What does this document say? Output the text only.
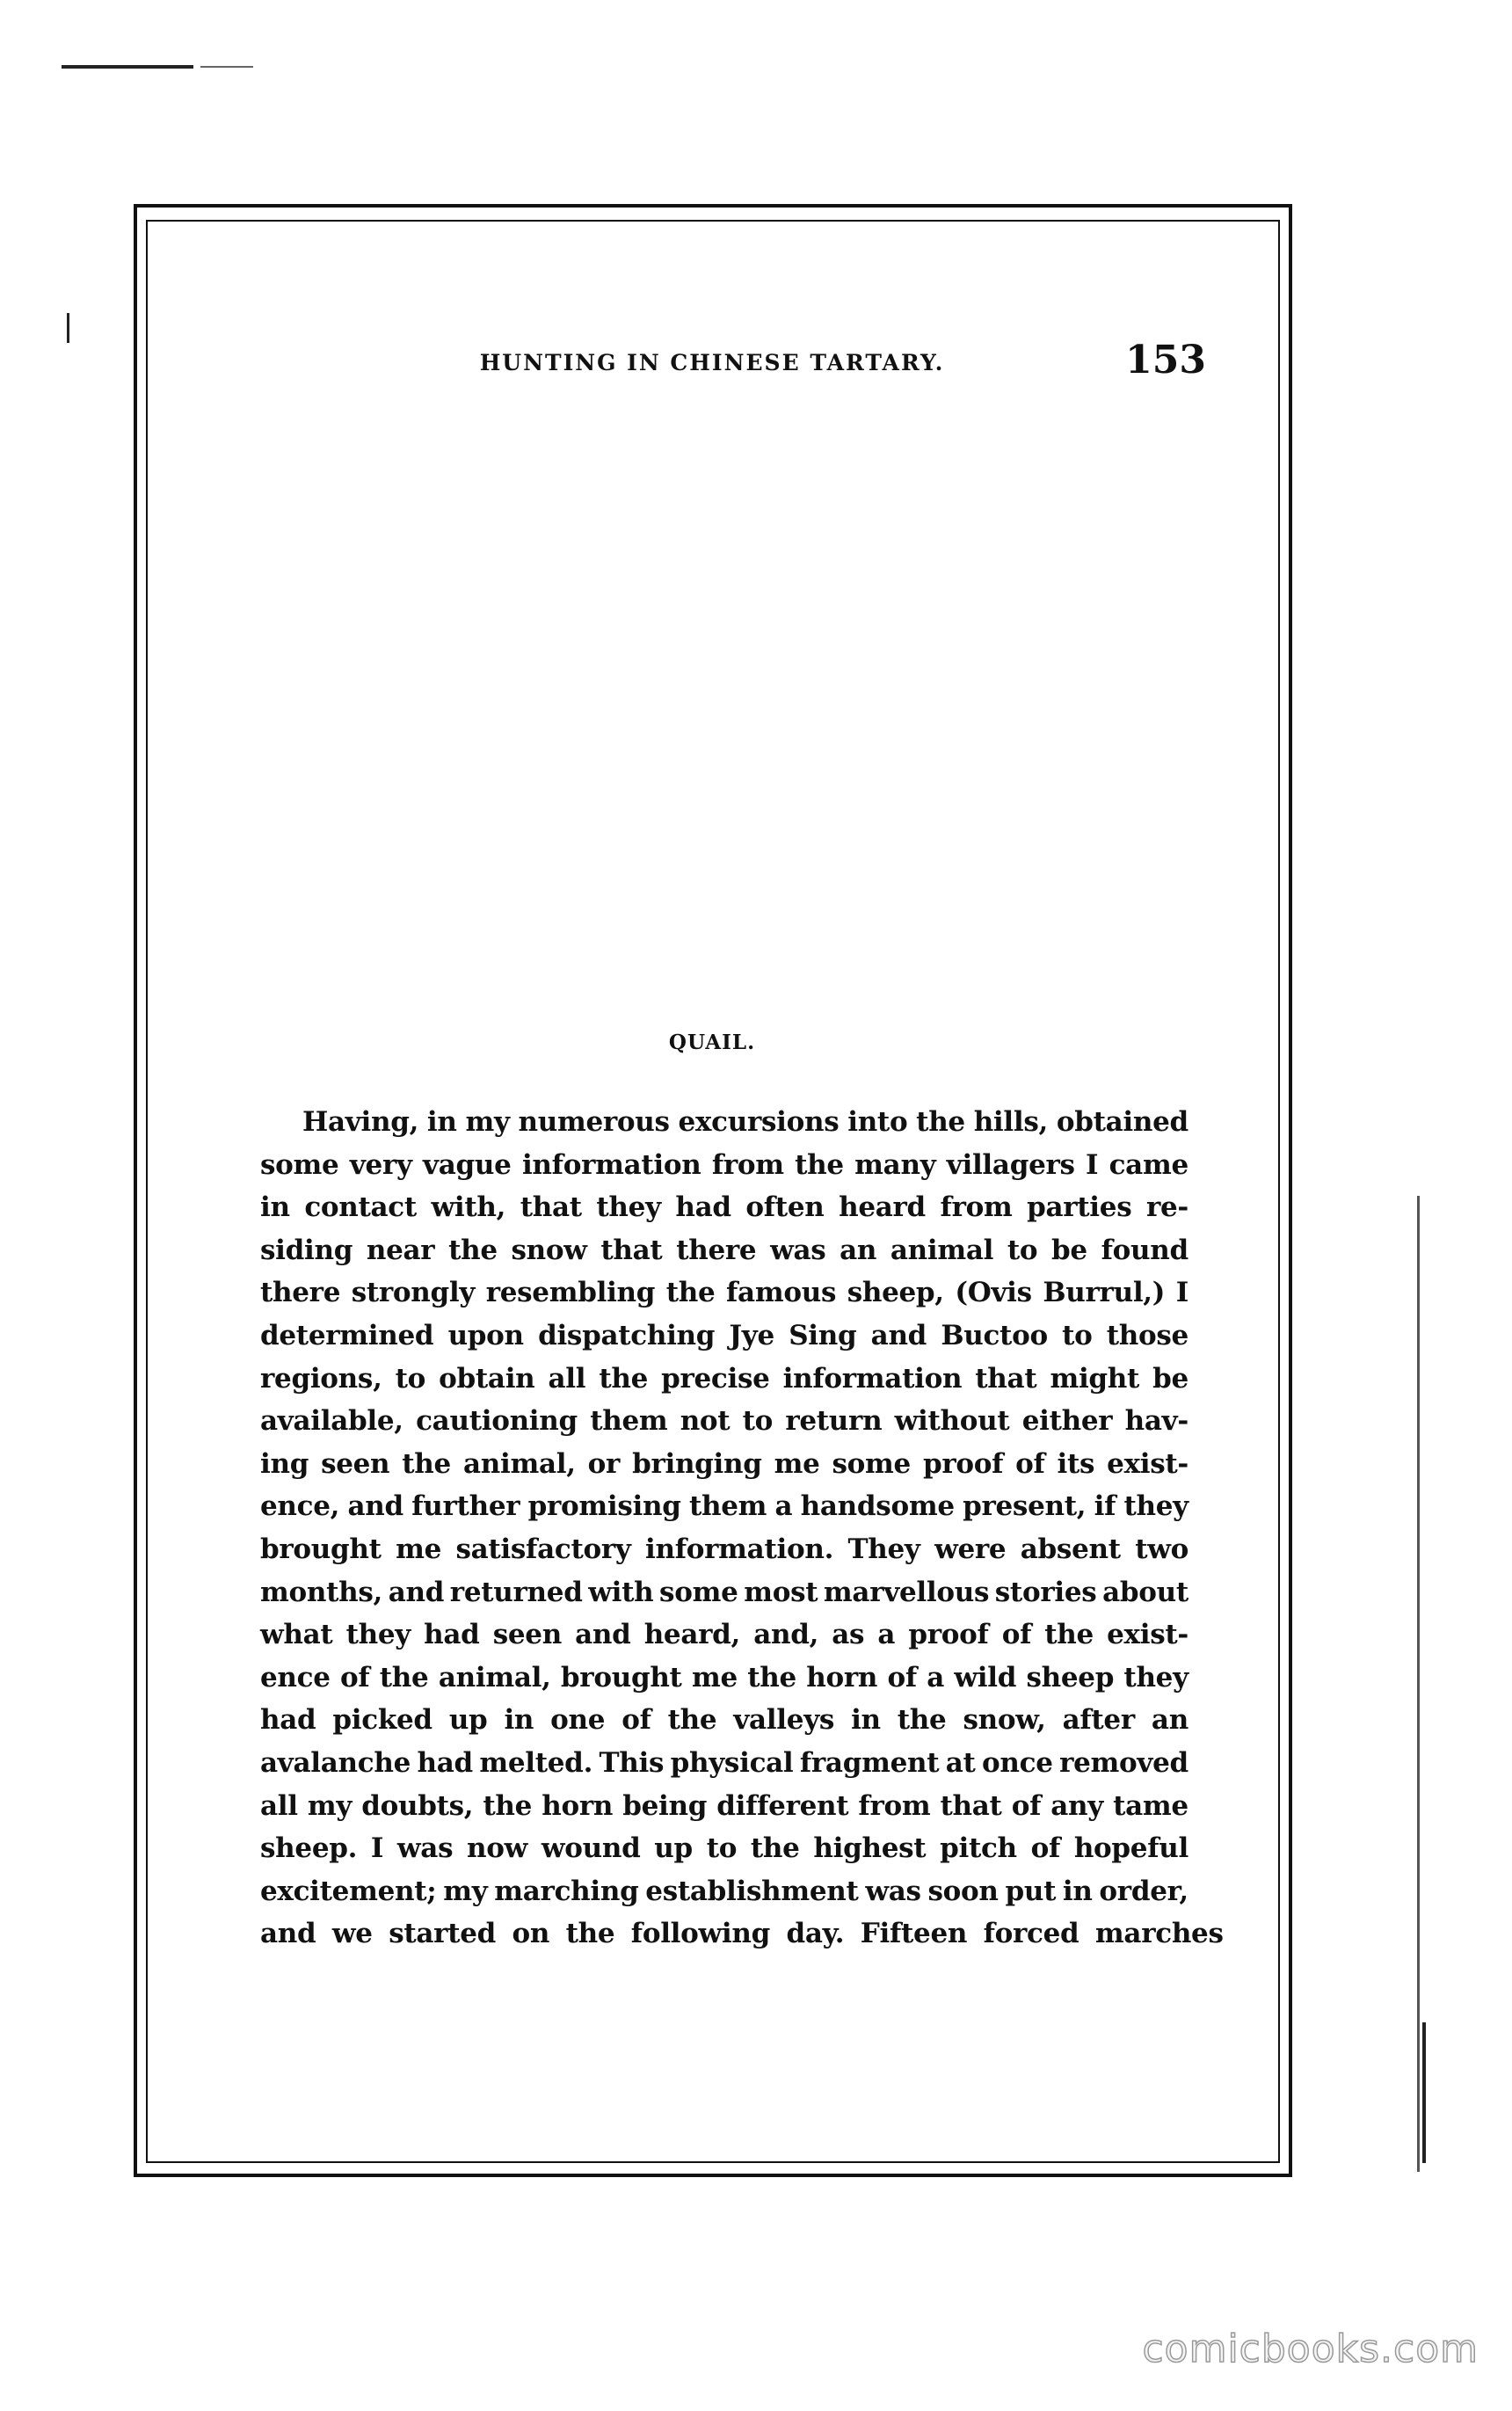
HUNTING IN CHINESE TARTARY.	153
QUAIL.
Having, in my numerous excursions into the hills, obtained
some very vague information from the many villagers I came
in contact with, that they had often heard from parties re-
siding near the snow that there was an animal to be found
there strongly resembling the famous sheep, (Ovis Burrul,) I
determined upon dispatching Jye Sing and Buctoo to those
regions, to obtain all the precise information that might be
available, cautioning them not to return without either hav-
ing seen the animal, or bringing me some proof of its exist-
ence, and further promising them a handsome present, if they
brought me satisfactory information. They were absent two
months, and returned with some most marvellous stories about
what they had seen and heard, and, as a proof of the exist-
ence of the animal, brought me the horn of a wild sheep they
had picked up in one of the valleys in the snow, after an
avalanche had melted. This physical fragment at once removed
all my doubts, the horn being different from that of any tame
sheep. I was now wound up to the highest pitch of hopeful
excitement; my marching establishment was soon put in order,
and we started on the following day. Fifteen forced marches
comicbooks.com
